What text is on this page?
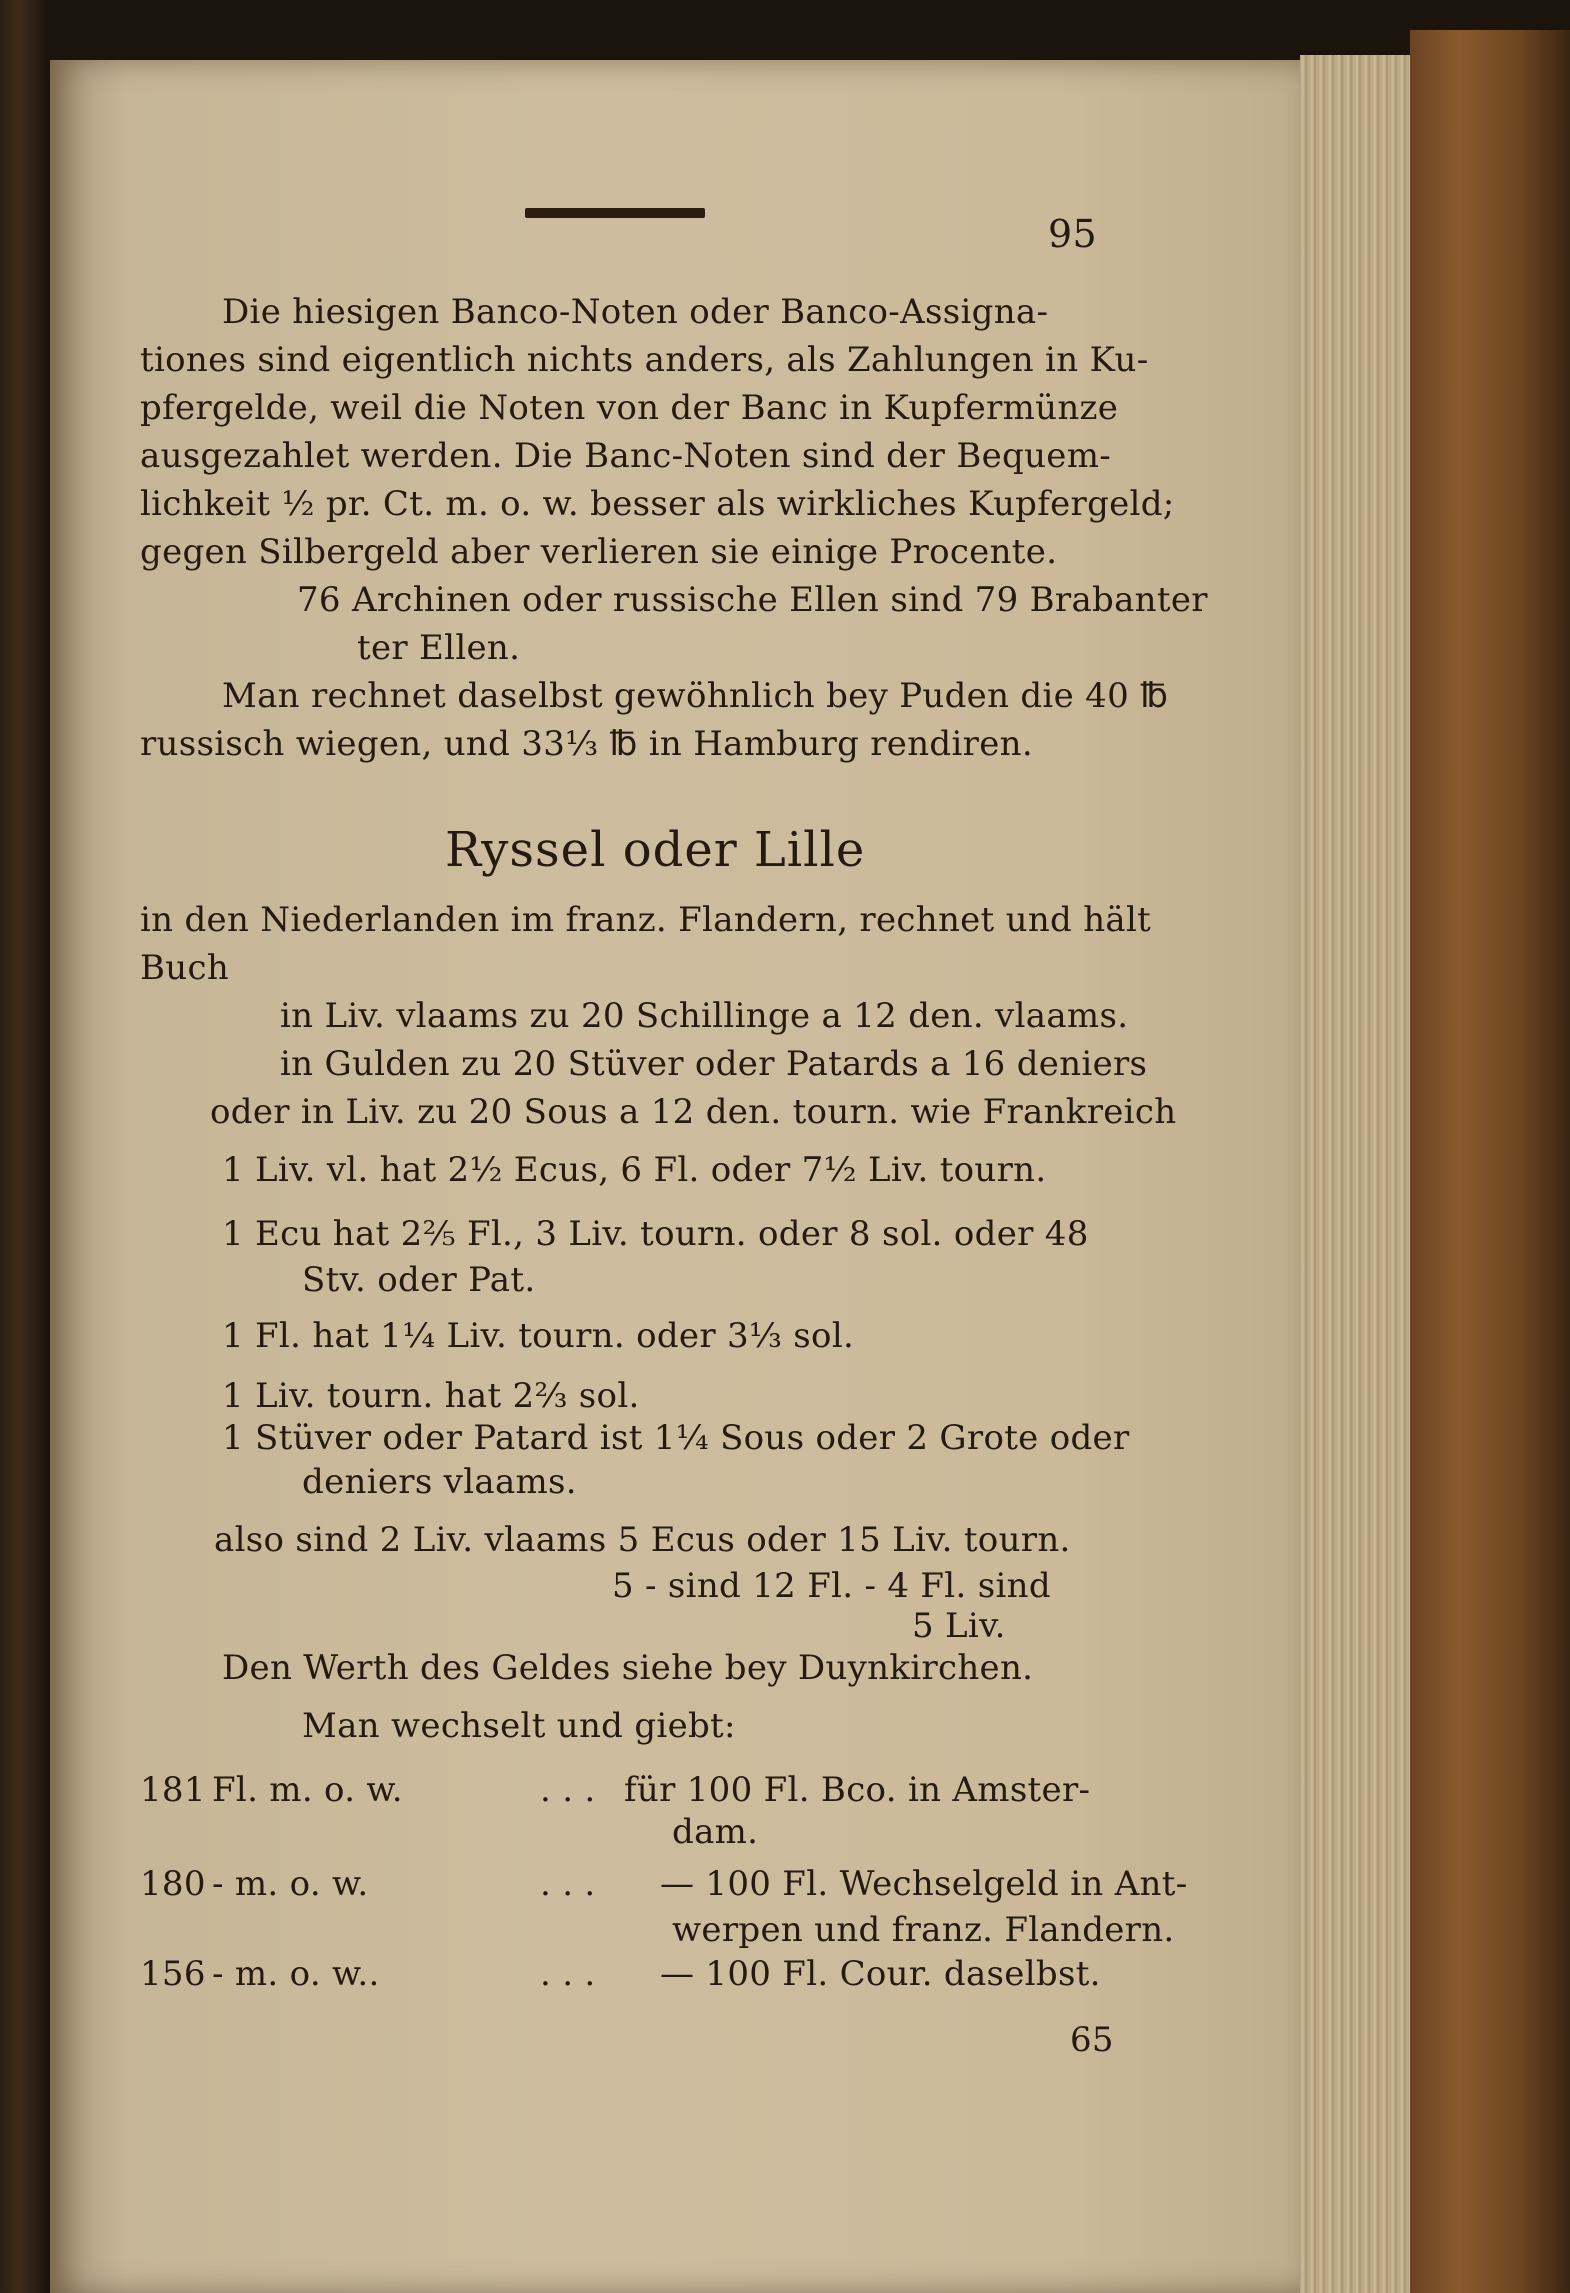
95
Die hiesigen Banco-Noten oder Banco-Assigna-
tiones sind eigentlich nichts anders, als Zahlungen in Ku-
pfergelde, weil die Noten von der Banc in Kupfermünze
ausgezahlet werden. Die Banc-Noten sind der Bequem-
lichkeit ½ pr. Ct. m. o. w. besser als wirkliches Kupfergeld;
gegen Silbergeld aber verlieren sie einige Procente.
76 Archinen oder russische Ellen sind 79 Brabanter
ter Ellen.
Man rechnet daselbst gewöhnlich bey Puden die 40 ℔
russisch wiegen, und 33⅓ ℔ in Hamburg rendiren.
Ryssel oder Lille
in den Niederlanden im franz. Flandern, rechnet und hält
Buch
in Liv. vlaams zu 20 Schillinge a 12 den. vlaams.
in Gulden zu 20 Stüver oder Patards a 16 deniers
oder in Liv. zu 20 Sous a 12 den. tourn. wie Frankreich
1 Liv. vl. hat 2½ Ecus, 6 Fl. oder 7½ Liv. tourn.
1 Ecu hat 2⅖ Fl., 3 Liv. tourn. oder 8 sol. oder 48
Stv. oder Pat.
1 Fl. hat 1¼ Liv. tourn. oder 3⅓ sol.
1 Liv. tourn. hat 2⅔ sol.
1 Stüver oder Patard ist 1¼ Sous oder 2 Grote oder
deniers vlaams.
also sind 2 Liv. vlaams 5 Ecus oder 15 Liv. tourn.
5 - sind 12 Fl. - 4 Fl. sind
5 Liv.
Den Werth des Geldes siehe bey Duynkirchen.
Man wechselt und giebt:
181 Fl. m. o. w.	. . . für 100 Fl. Bco. in Amster-
dam.
180 - m. o. w.	. . . — 100 Fl. Wechselgeld in Ant-
werpen und franz. Flandern.
156 - m. o. w..	. . . — 100 Fl. Cour. daselbst.
65
